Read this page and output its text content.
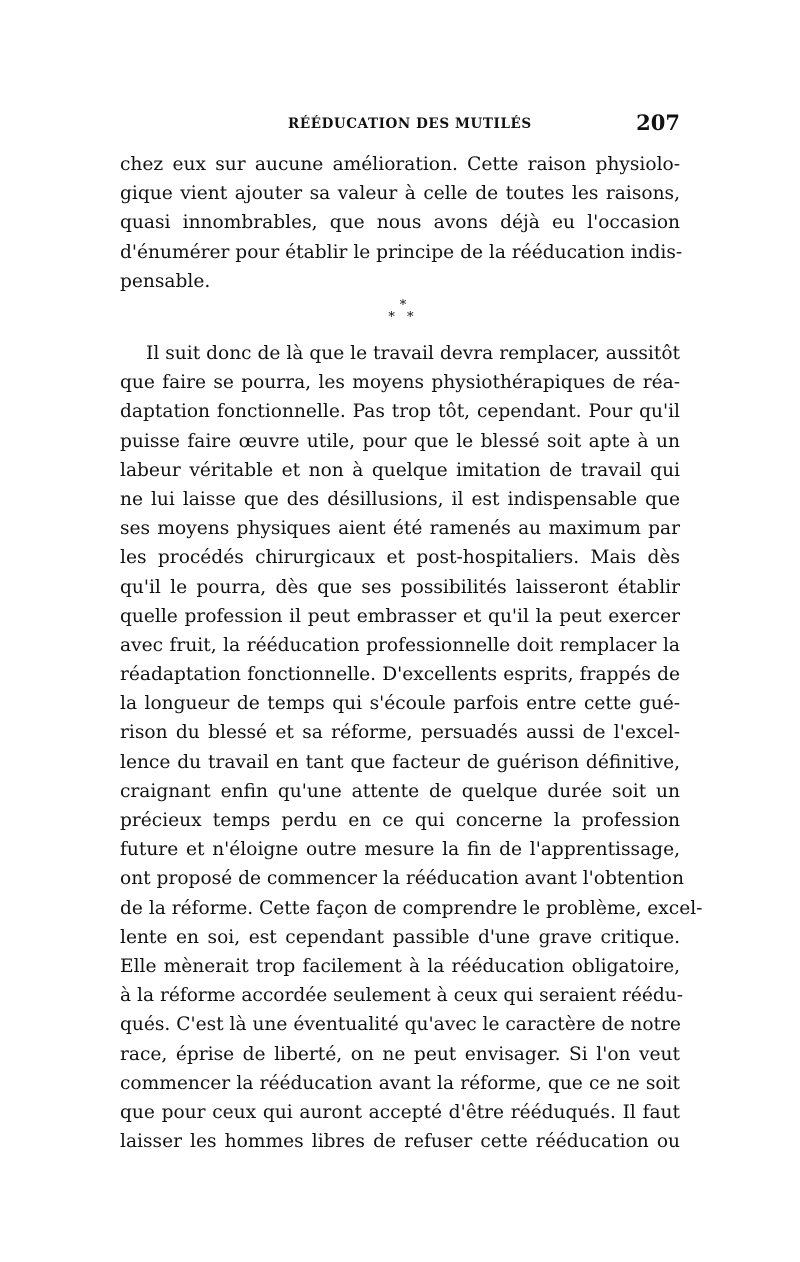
RÉÉDUCATION DES MUTILÉS	207
chez eux sur aucune amélioration. Cette raison physiolo-
gique vient ajouter sa valeur à celle de toutes les raisons,
quasi innombrables, que nous avons déjà eu l'occasion
d'énumérer pour établir le principe de la rééducation indis-
pensable.
*
* *
Il suit donc de là que le travail devra remplacer, aussitôt
que faire se pourra, les moyens physiothérapiques de réa-
daptation fonctionnelle. Pas trop tôt, cependant. Pour qu'il
puisse faire œuvre utile, pour que le blessé soit apte à un
labeur véritable et non à quelque imitation de travail qui
ne lui laisse que des désillusions, il est indispensable que
ses moyens physiques aient été ramenés au maximum par
les procédés chirurgicaux et post-hospitaliers. Mais dès
qu'il le pourra, dès que ses possibilités laisseront établir
quelle profession il peut embrasser et qu'il la peut exercer
avec fruit, la rééducation professionnelle doit remplacer la
réadaptation fonctionnelle. D'excellents esprits, frappés de
la longueur de temps qui s'écoule parfois entre cette gué-
rison du blessé et sa réforme, persuadés aussi de l'excel-
lence du travail en tant que facteur de guérison définitive,
craignant enfin qu'une attente de quelque durée soit un
précieux temps perdu en ce qui concerne la profession
future et n'éloigne outre mesure la fin de l'apprentissage,
ont proposé de commencer la rééducation avant l'obtention
de la réforme. Cette façon de comprendre le problème, excel-
lente en soi, est cependant passible d'une grave critique.
Elle mènerait trop facilement à la rééducation obligatoire,
à la réforme accordée seulement à ceux qui seraient réédu-
qués. C'est là une éventualité qu'avec le caractère de notre
race, éprise de liberté, on ne peut envisager. Si l'on veut
commencer la rééducation avant la réforme, que ce ne soit
que pour ceux qui auront accepté d'être rééduqués. Il faut
laisser les hommes libres de refuser cette rééducation ou
